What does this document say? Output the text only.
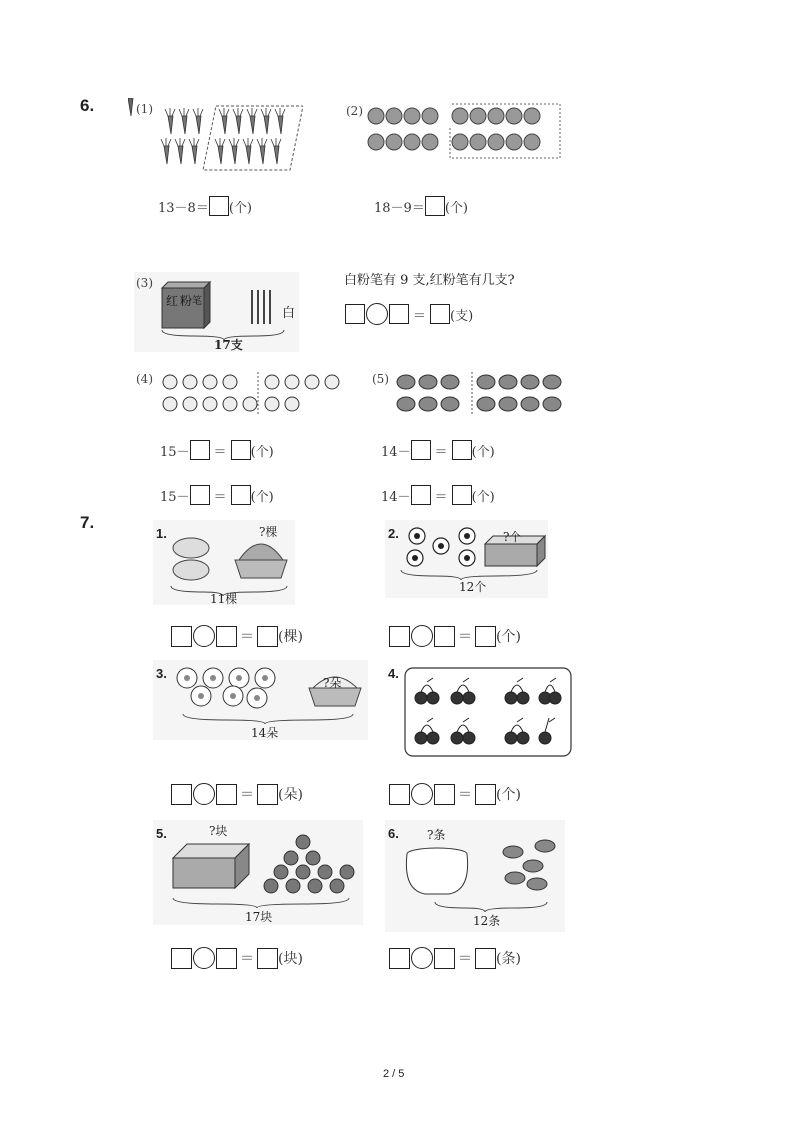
6.	(1)
13－8＝ (个)
(2)
18－9＝ (个)
(3)
红 粉 笔
白
17支
白粉笔有 9 支,红粉笔有几支?
＝ (支)
(4)
15－ ＝ (个)
15－ ＝ (个)
(5)
14－ ＝ (个)
14－ ＝ (个)
7.
1.	?棵
11棵
＝ (棵)
2.	?个
12个
＝ (个)
3.
?朵
14朵
＝ (朵)
4.
＝ (个)
5.	?块
17块
＝ (块)
6. ?条
12条
＝ (条)
2 / 5
